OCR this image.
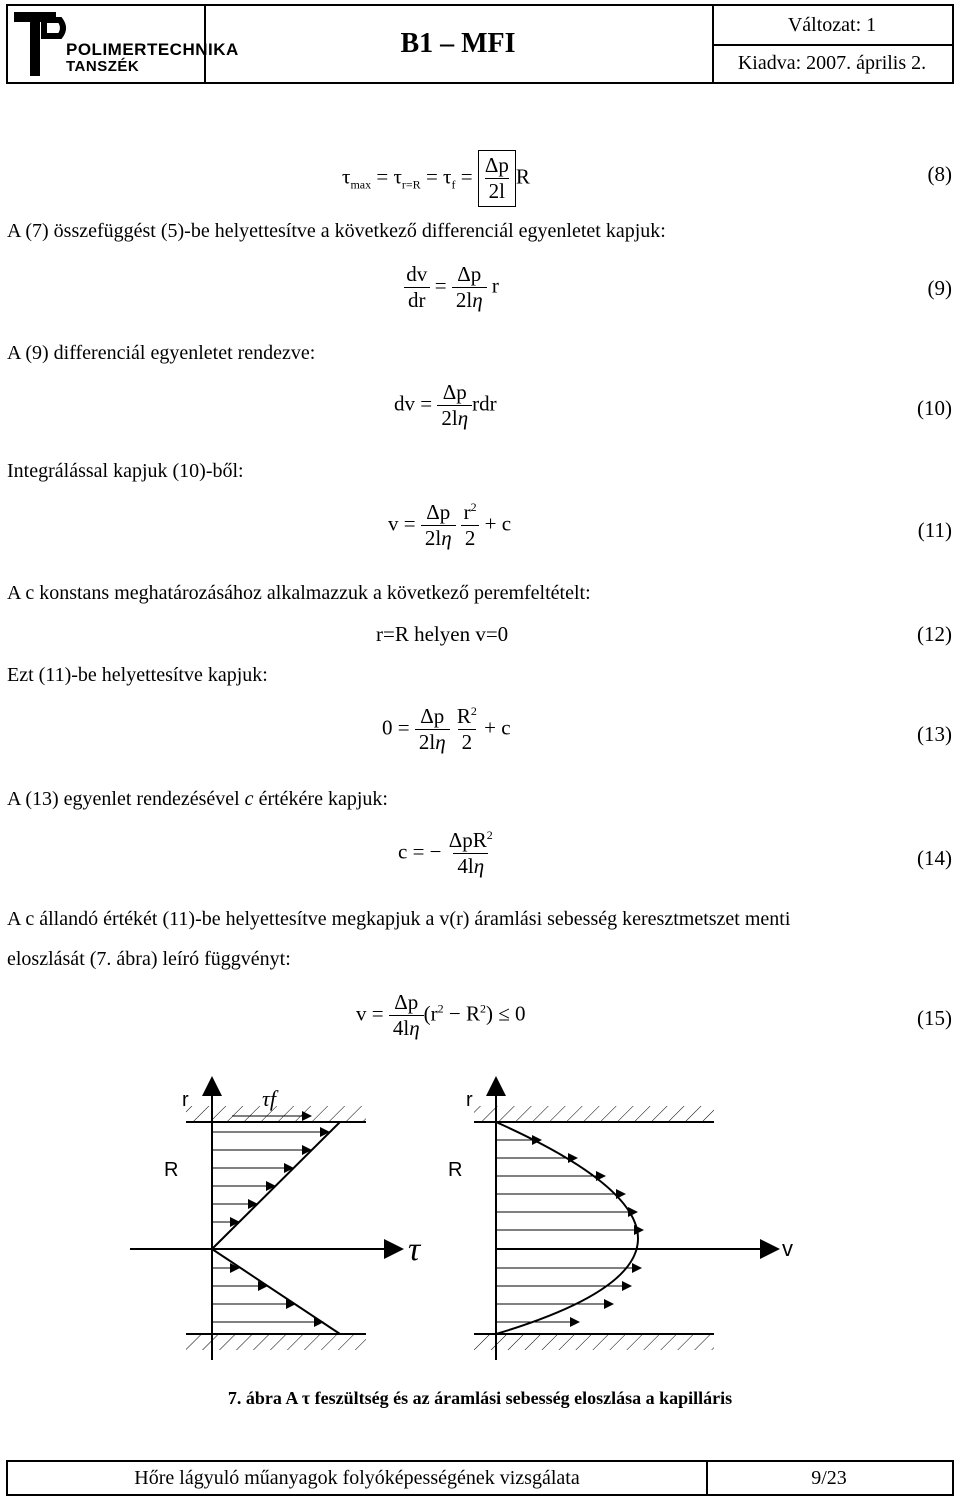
POLIMERTECHNIKA
TANSZÉK
B1 – MFI
Változat: 1
Kiadva: 2007. április 2.
$\tau_{max} = \tau_{r=R} = \tau_f = \frac{\Delta p}{2l}$ R	(8)
A (7) összefüggést (5)-be helyettesítve a következő differenciál egyenletet kapjuk:
$\frac{dv}{dr} = \frac{\Delta p}{2l\eta}$ r	(9)
A (9) differenciál egyenletet rendezve:
dv = $\frac{\Delta p}{2l\eta}$ rdr	(10)
Integrálással kapjuk (10)-ből:
$v = \frac{\Delta p}{2l\eta}$
$\frac{r^2}{2} + c$	(11)
A c konstans meghatározásához alkalmazzuk a következő peremfeltételt:
r=R helyen v=0	(12)
Ezt (11)-be helyettesítve kapjuk:
$0 = \frac{\Delta p}{2l\eta}$
$\frac{R^2}{2} + c$	(13)
A (13) egyenlet rendezésével c értékére kapjuk:
c = − $\frac{\Delta pR^2}{4l\eta}$	(14)
A c állandó értékét (11)-be helyettesítve megkapjuk a v(r) áramlási sebesség keresztmetszet menti
eloszlását (7. ábra) leíró függvényt:
$v = \frac{\Delta p}{4l\eta} (r^2 - R^2) \le 0$	(15)
r
R
τf
τ
r
R
v
7. ábra A τ feszültség és az áramlási sebesség eloszlása a kapilláris
Hőre lágyuló műanyagok folyóképességének vizsgálata	9/23
